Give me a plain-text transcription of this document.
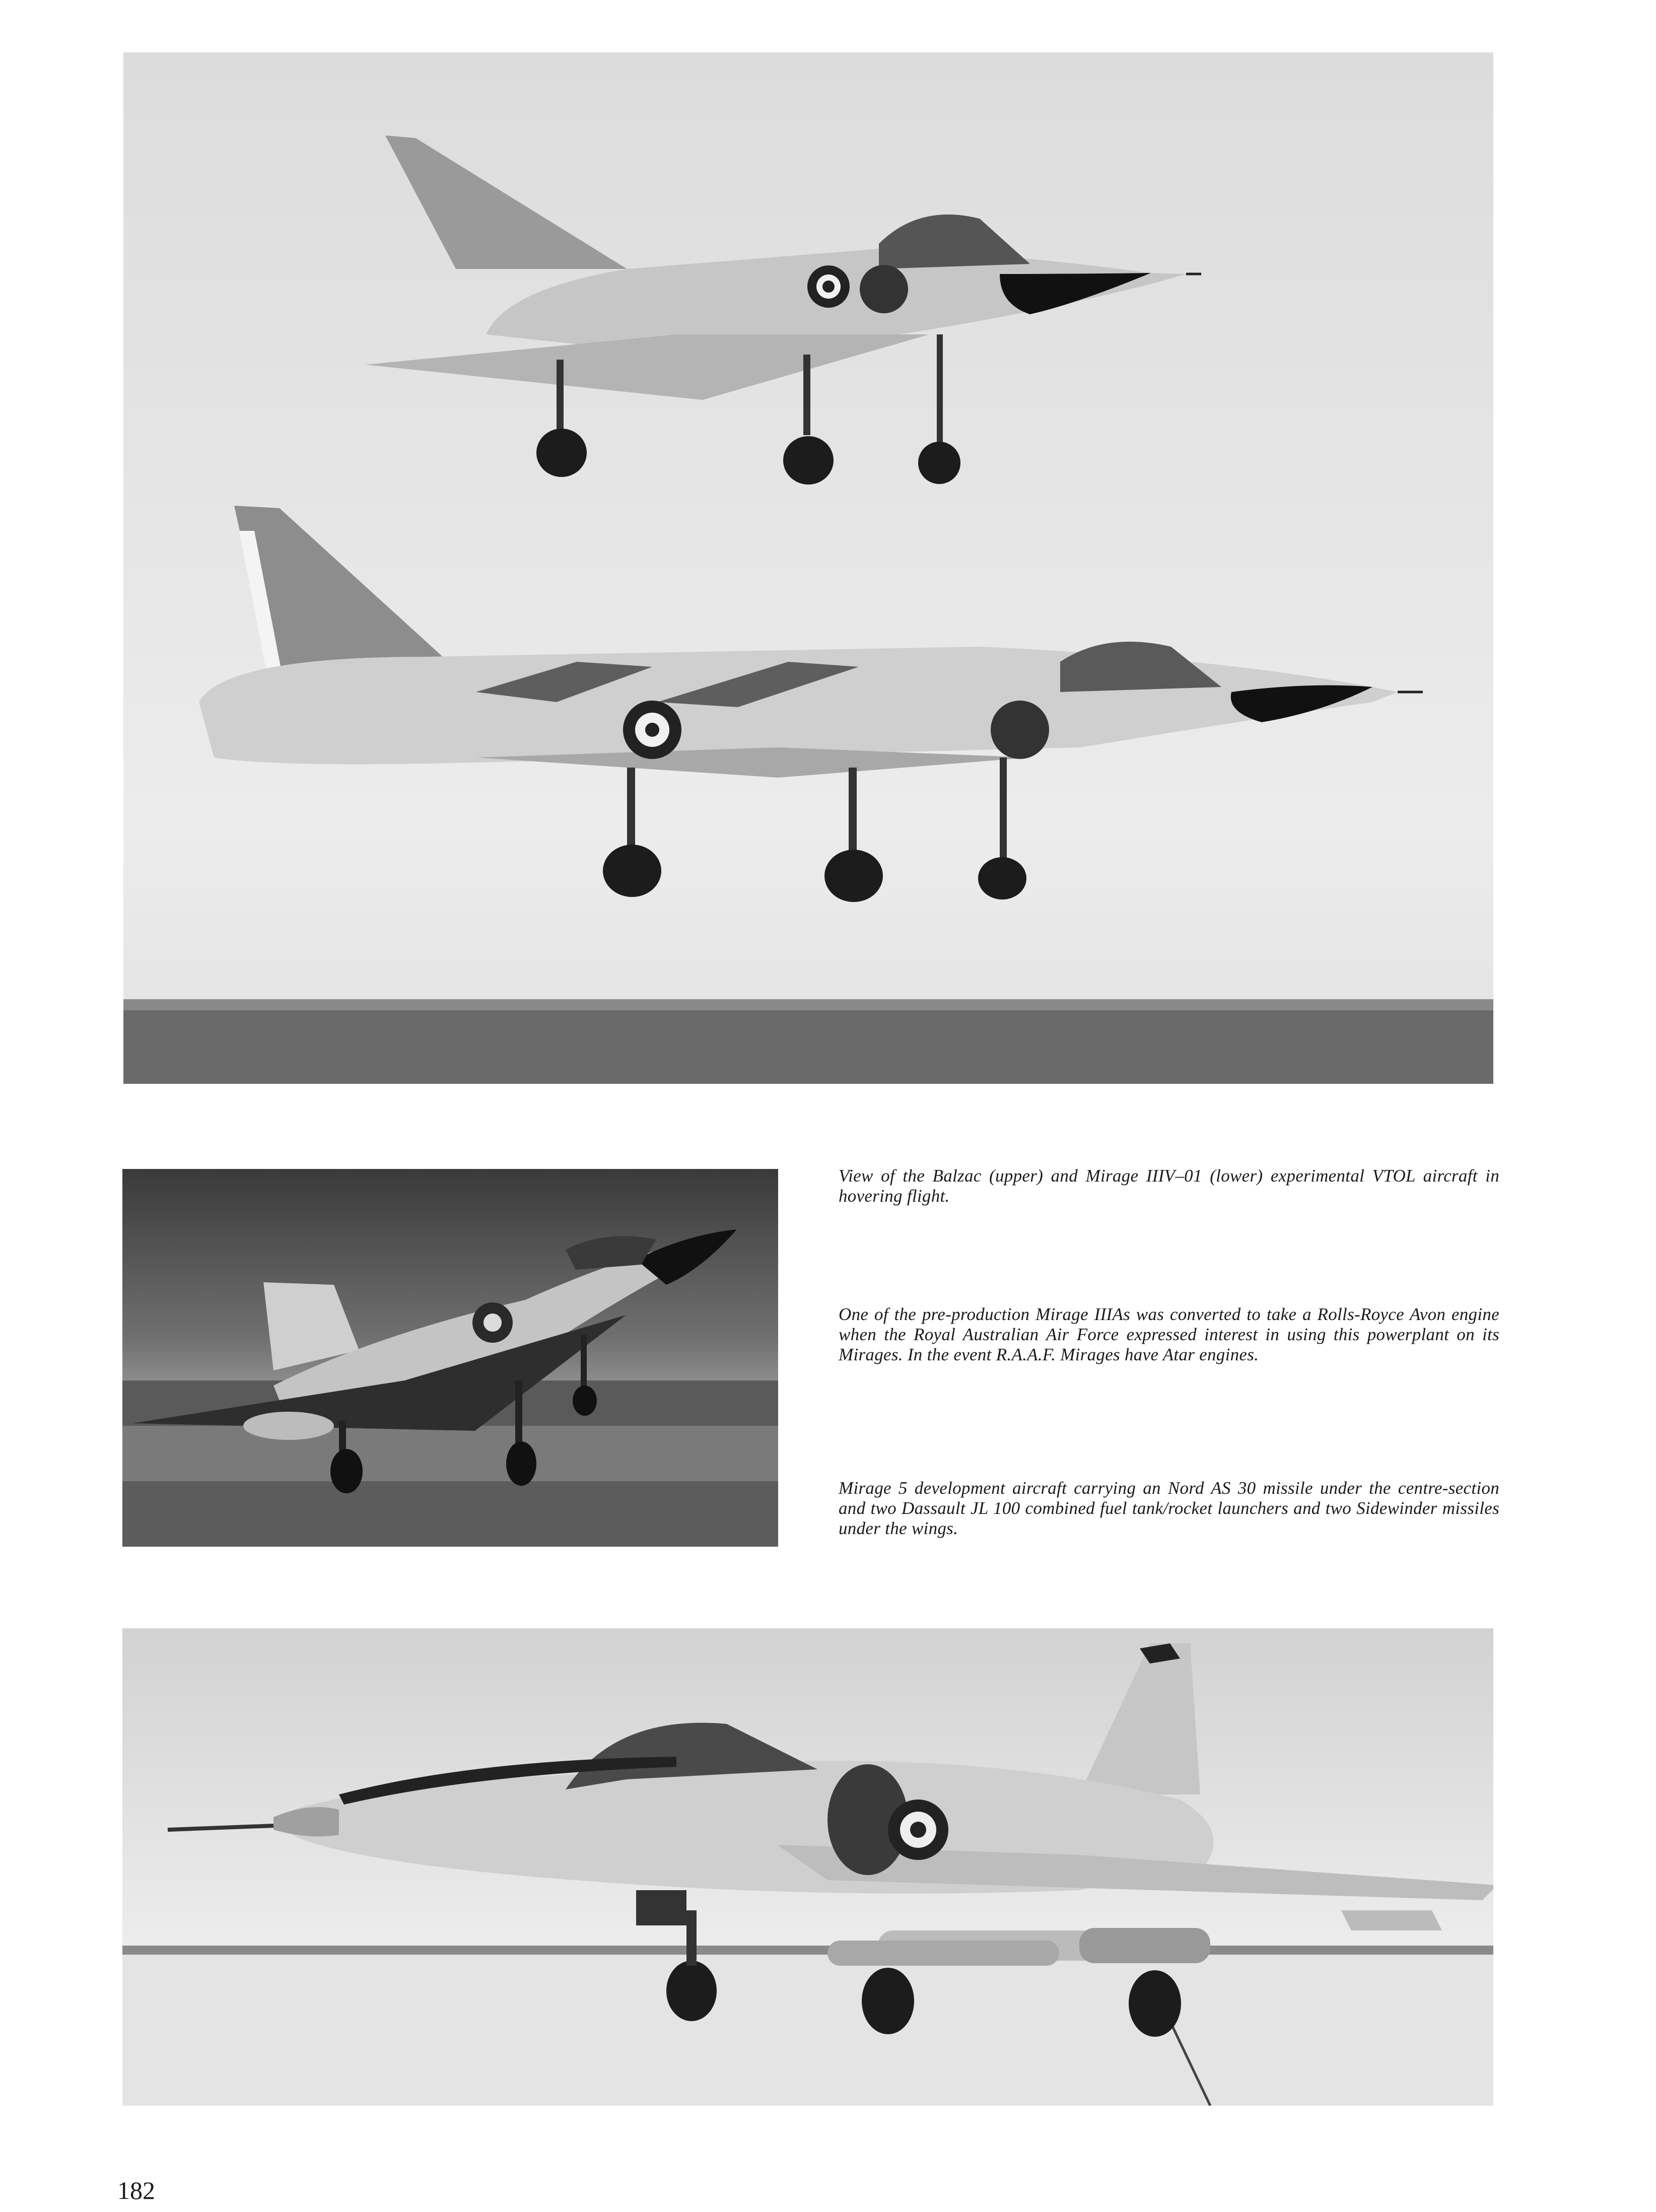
View of the Balzac (upper) and Mirage IIIV–01 (lower) experimental VTOL aircraft in hovering flight.
One of the pre-production Mirage IIIAs was converted to take a Rolls-Royce Avon engine when the Royal Australian Air Force expressed interest in using this powerplant on its Mirages. In the event R.A.A.F. Mirages have Atar engines.
Mirage 5 development aircraft carrying an Nord AS 30 missile under the centre-section and two Dassault JL 100 combined fuel tank/rocket launchers and two Sidewinder missiles under the wings.
182
